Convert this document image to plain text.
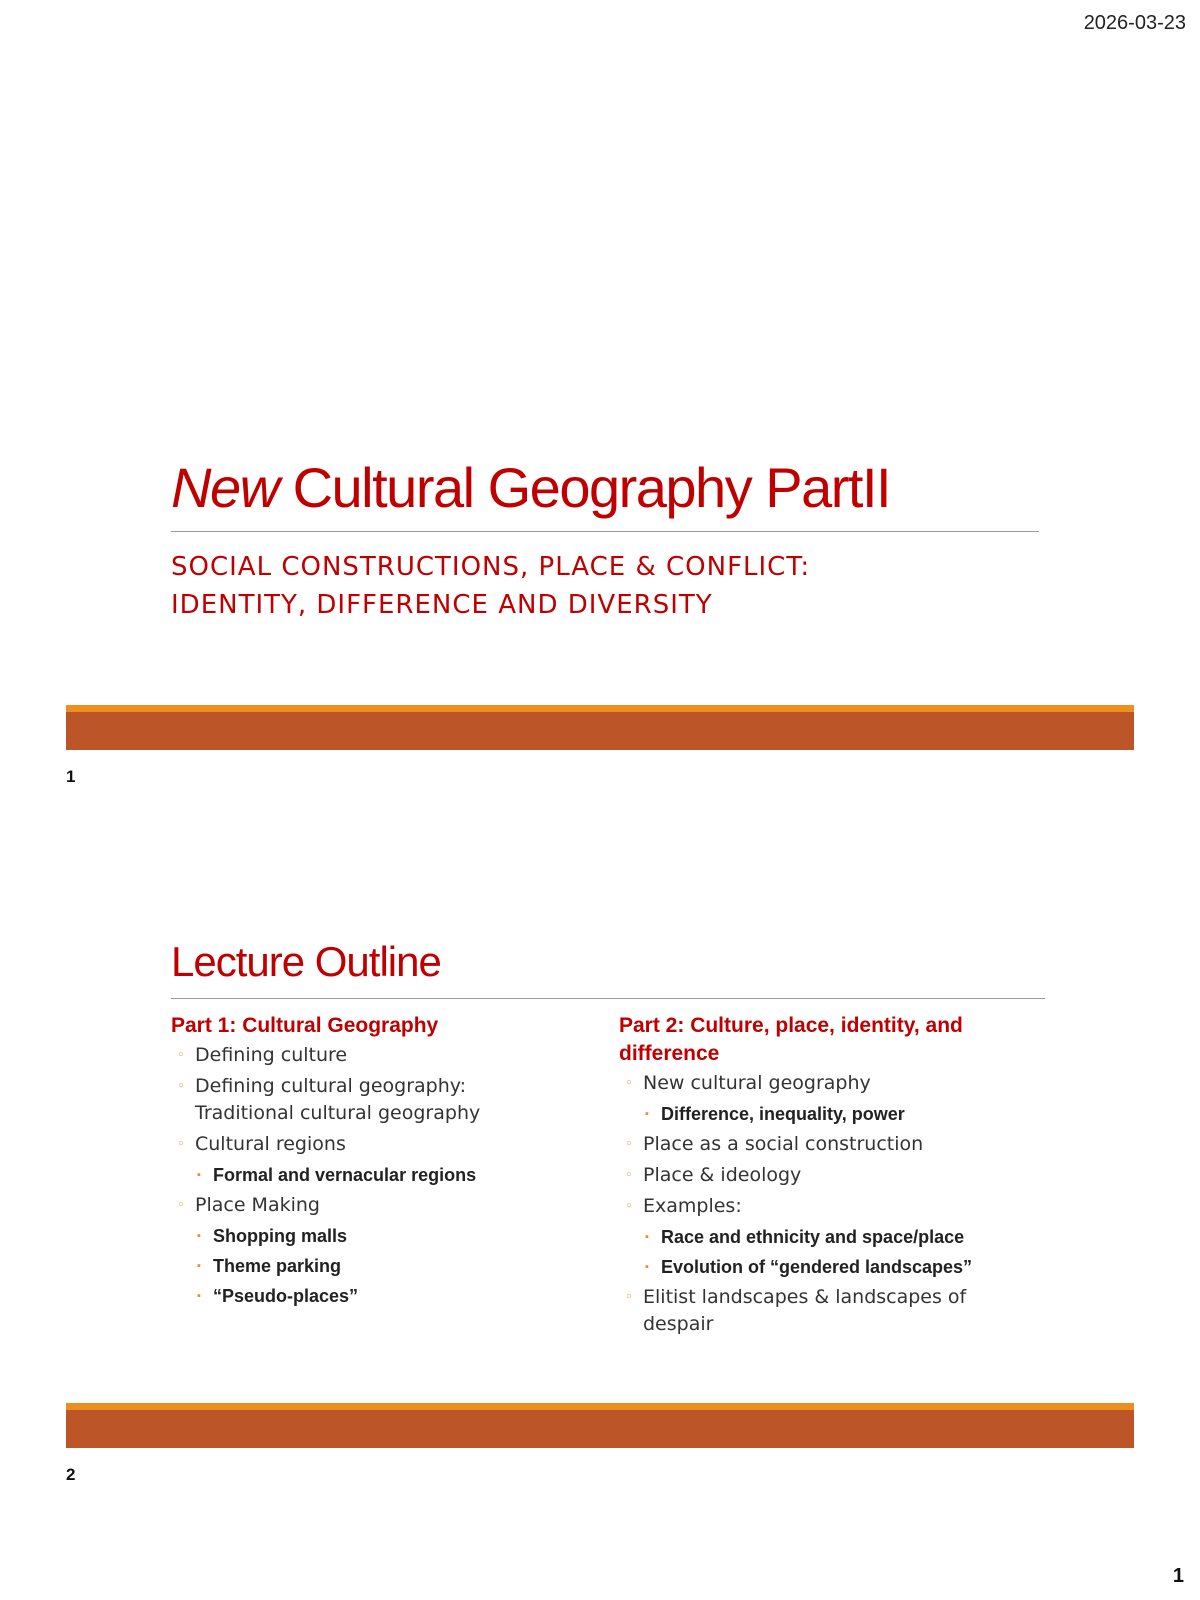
2026-03-23
1
New Cultural Geography PartII
SOCIAL CONSTRUCTIONS, PLACE & CONFLICT:
IDENTITY, DIFFERENCE AND DIVERSITY
1
Lecture Outline
Part 1: Cultural Geography
◦ Defining culture
◦ Defining cultural geography: Traditional cultural geography
◦ Cultural regions
▪ Formal and vernacular regions
◦ Place Making
▪ Shopping malls
▪ Theme parking
▪ “Pseudo-places”
Part 2: Culture, place, identity, and difference
◦ New cultural geography
▪ Difference, inequality, power
◦ Place as a social construction
◦ Place & ideology
◦ Examples:
▪ Race and ethnicity and space/place
▪ Evolution of “gendered landscapes”
◦ Elitist landscapes & landscapes of despair
2
